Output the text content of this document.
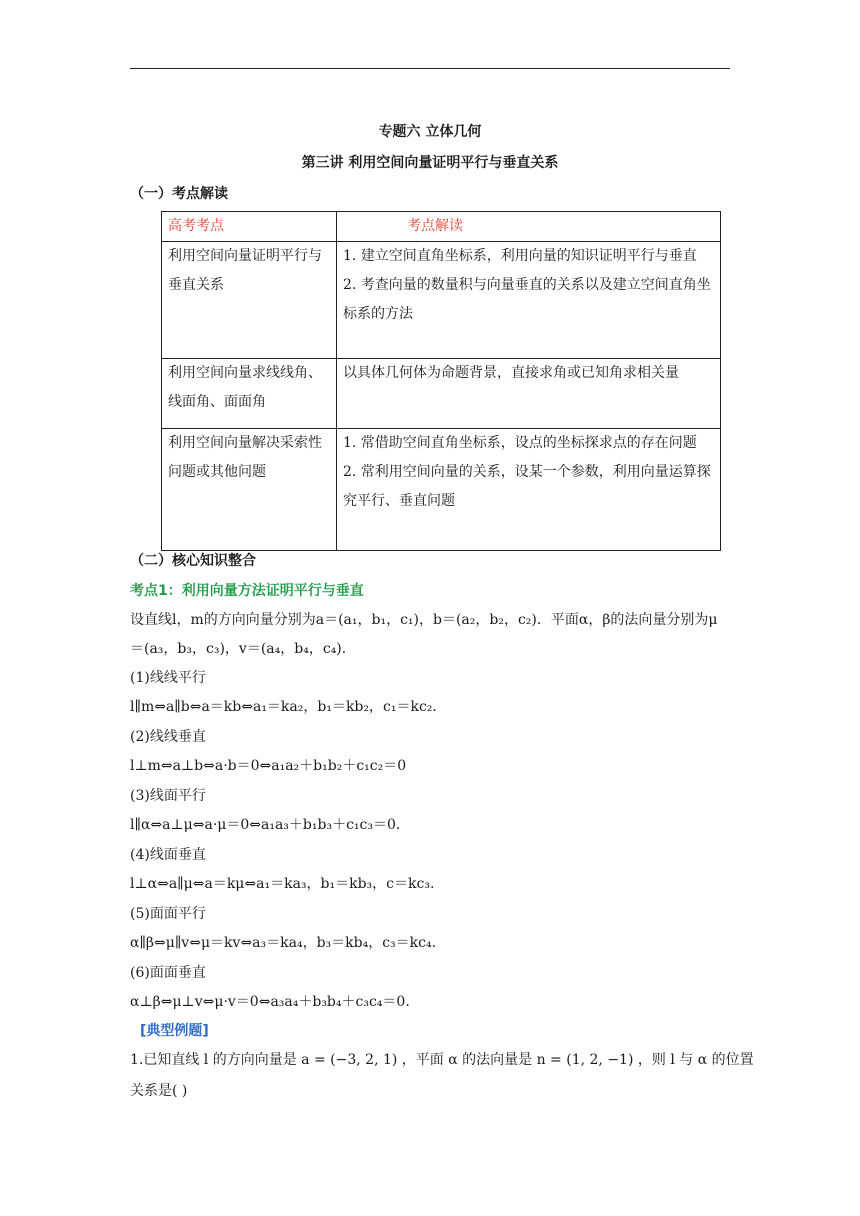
专题六 立体几何
第三讲 利用空间向量证明平行与垂直关系
（一）考点解读
高考考点	考点解读
利用空间向量证明平行与垂直关系	1. 建立空间直角坐标系，利用向量的知识证明平行与垂直
2. 考查向量的数量积与向量垂直的关系以及建立空间直角坐标系的方法

利用空间向量求线线角、线面角、面面角	以具体几何体为命题背景，直接求角或已知角求相关量

利用空间向量解决采索性问题或其他问题	1. 常借助空间直角坐标系，设点的坐标探求点的存在问题
2. 常利用空间向量的关系，设某一个参数，利用向量运算探究平行、垂直问题
（二）核心知识整合
考点1：利用向量方法证明平行与垂直
设直线l，m的方向向量分别为a＝(a₁，b₁，c₁)，b＝(a₂，b₂，c₂)．平面α，β的法向量分别为μ
＝(a₃，b₃，c₃)，v＝(a₄，b₄，c₄)．
(1)线线平行
l∥m⇔a∥b⇔a＝kb⇔a₁＝ka₂，b₁＝kb₂，c₁＝kc₂.
(2)线线垂直
l⊥m⇔a⊥b⇔a·b＝0⇔a₁a₂＋b₁b₂＋c₁c₂＝0
(3)线面平行
l∥α⇔a⊥μ⇔a·μ＝0⇔a₁a₃＋b₁b₃＋c₁c₃＝0.
(4)线面垂直
l⊥α⇔a∥μ⇔a＝kμ⇔a₁＝ka₃，b₁＝kb₃，c＝kc₃.
(5)面面平行
α∥β⇔μ∥v⇔μ＝kv⇔a₃＝ka₄，b₃＝kb₄，c₃＝kc₄.
(6)面面垂直
α⊥β⇔μ⊥v⇔μ·v＝0⇔a₃a₄＋b₃b₄＋c₃c₄＝0.
[典型例题]
1.已知直线 l 的方向向量是 a = (−3, 2, 1) ，平面 α 的法向量是 n = (1, 2, −1) ，则 l 与 α 的位置
关系是( )
